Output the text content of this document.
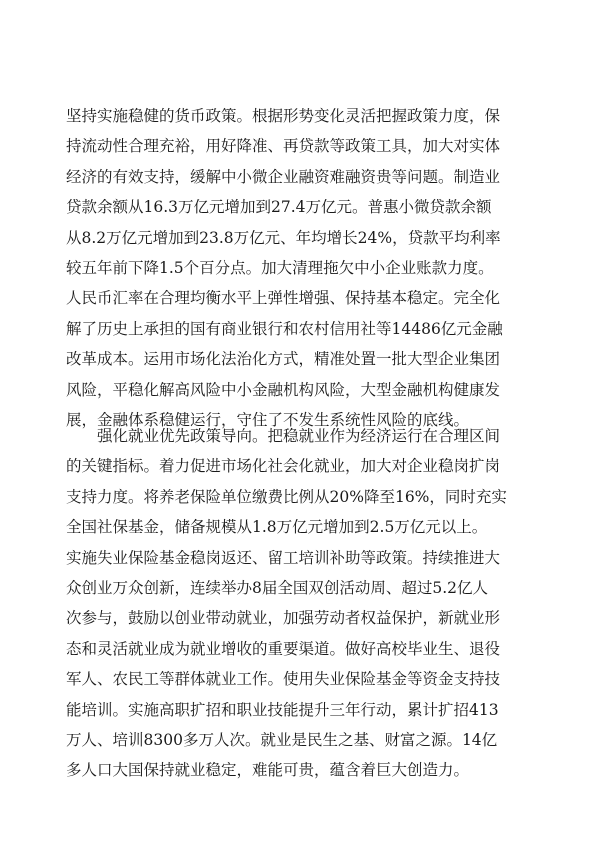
坚持实施稳健的货币政策。根据形势变化灵活把握政策力度，保
持流动性合理充裕，用好降准、再贷款等政策工具，加大对实体
经济的有效支持，缓解中小微企业融资难融资贵等问题。制造业
贷款余额从16.3万亿元增加到27.4万亿元。普惠小微贷款余额
从8.2万亿元增加到23.8万亿元、年均增长24%，贷款平均利率
较五年前下降1.5个百分点。加大清理拖欠中小企业账款力度。
人民币汇率在合理均衡水平上弹性增强、保持基本稳定。完全化
解了历史上承担的国有商业银行和农村信用社等14486亿元金融
改革成本。运用市场化法治化方式，精准处置一批大型企业集团
风险，平稳化解高风险中小金融机构风险，大型金融机构健康发
展，金融体系稳健运行，守住了不发生系统性风险的底线。
强化就业优先政策导向。把稳就业作为经济运行在合理区间
的关键指标。着力促进市场化社会化就业，加大对企业稳岗扩岗
支持力度。将养老保险单位缴费比例从20%降至16%，同时充实
全国社保基金，储备规模从1.8万亿元增加到2.5万亿元以上。
实施失业保险基金稳岗返还、留工培训补助等政策。持续推进大
众创业万众创新，连续举办8届全国双创活动周、超过5.2亿人
次参与，鼓励以创业带动就业，加强劳动者权益保护，新就业形
态和灵活就业成为就业增收的重要渠道。做好高校毕业生、退役
军人、农民工等群体就业工作。使用失业保险基金等资金支持技
能培训。实施高职扩招和职业技能提升三年行动，累计扩招413
万人、培训8300多万人次。就业是民生之基、财富之源。14亿
多人口大国保持就业稳定，难能可贵，蕴含着巨大创造力。
